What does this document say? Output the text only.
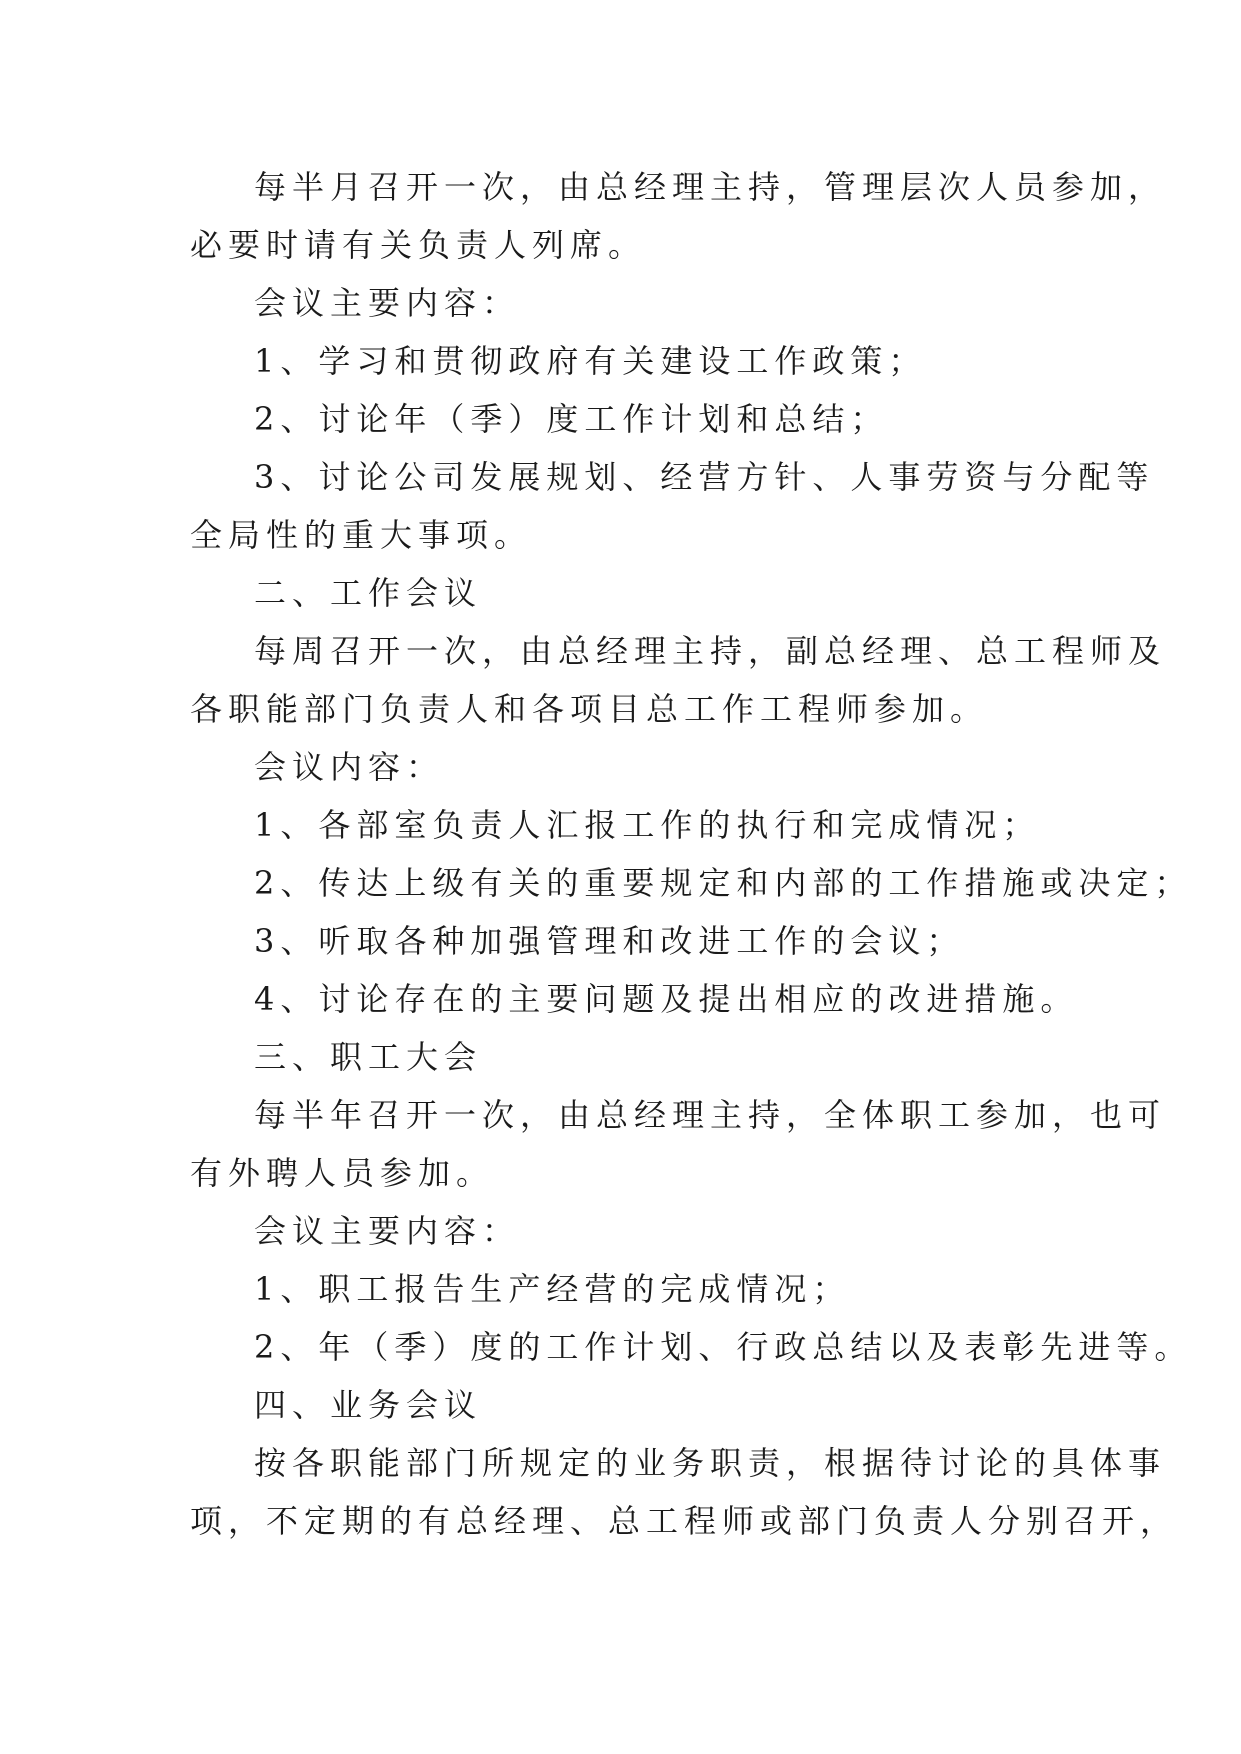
每半月召开一次，由总经理主持，管理层次人员参加，
必要时请有关负责人列席。
会议主要内容：
1、学习和贯彻政府有关建设工作政策；
2、讨论年（季）度工作计划和总结；
3、讨论公司发展规划、经营方针、人事劳资与分配等
全局性的重大事项。
二、工作会议
每周召开一次，由总经理主持，副总经理、总工程师及
各职能部门负责人和各项目总工作工程师参加。
会议内容：
1、各部室负责人汇报工作的执行和完成情况；
2、传达上级有关的重要规定和内部的工作措施或决定；
3、听取各种加强管理和改进工作的会议；
4、讨论存在的主要问题及提出相应的改进措施。
三、职工大会
每半年召开一次，由总经理主持，全体职工参加，也可
有外聘人员参加。
会议主要内容：
1、职工报告生产经营的完成情况；
2、年（季）度的工作计划、行政总结以及表彰先进等。
四、业务会议
按各职能部门所规定的业务职责，根据待讨论的具体事
项，不定期的有总经理、总工程师或部门负责人分别召开，
